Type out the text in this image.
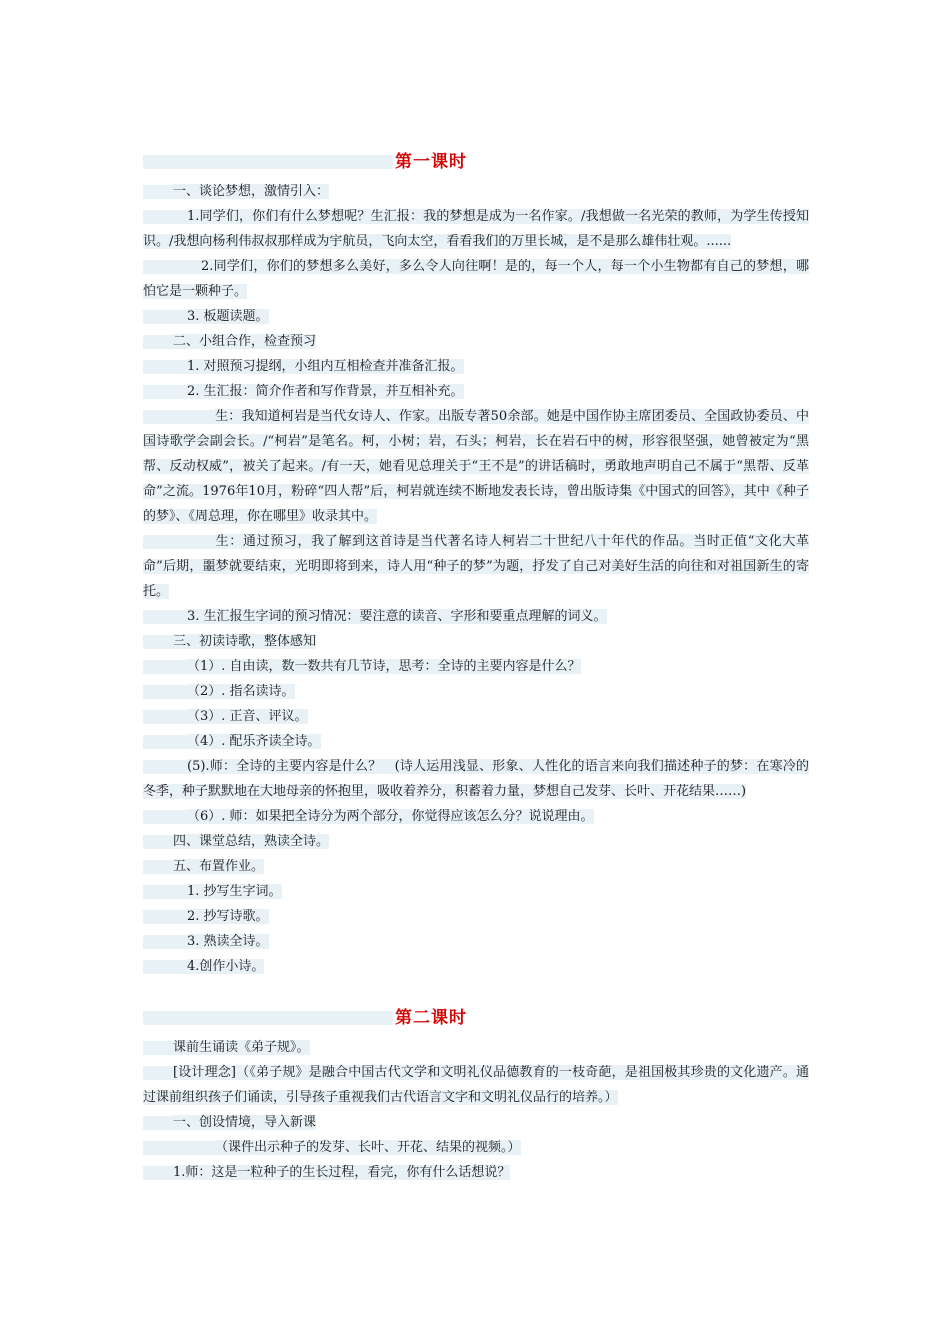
第一课时
一、谈论梦想，激情引入：
1.同学们，你们有什么梦想呢？生汇报：我的梦想是成为一名作家。/我想做一名光荣的教师，为学生传授知识。/我想向杨利伟叔叔那样成为宇航员，飞向太空，看看我们的万里长城，是不是那么雄伟壮观。......
2.同学们，你们的梦想多么美好，多么令人向往啊！是的，每一个人，每一个小生物都有自己的梦想，哪怕它是一颗种子。
3. 板题读题。
二、小组合作，检查预习
1. 对照预习提纲，小组内互相检查并准备汇报。
2. 生汇报：简介作者和写作背景，并互相补充。
生：我知道柯岩是当代女诗人、作家。出版专著50余部。她是中国作协主席团委员、全国政协委员、中国诗歌学会副会长。/“柯岩”是笔名。柯，小树；岩，石头；柯岩，长在岩石中的树，形容很坚强，她曾被定为“黑帮、反动权威”，被关了起来。/有一天，她看见总理关于“王不是”的讲话稿时，勇敢地声明自己不属于“黑帮、反革命”之流。1976年10月，粉碎“四人帮”后，柯岩就连续不断地发表长诗，曾出版诗集《中国式的回答》，其中《种子的梦》、《周总理，你在哪里》收录其中。
生：通过预习，我了解到这首诗是当代著名诗人柯岩二十世纪八十年代的作品。当时正值“文化大革命”后期，噩梦就要结束，光明即将到来，诗人用“种子的梦”为题，抒发了自己对美好生活的向往和对祖国新生的寄托。
3. 生汇报生字词的预习情况：要注意的读音、字形和要重点理解的词义。
三、初读诗歌，整体感知
（1）. 自由读，数一数共有几节诗，思考：全诗的主要内容是什么？
（2）. 指名读诗。
（3）. 正音、评议。
（4）. 配乐齐读全诗。
(5).师：全诗的主要内容是什么？　(诗人运用浅显、形象、人性化的语言来向我们描述种子的梦：在寒冷的冬季，种子默默地在大地母亲的怀抱里，吸收着养分，积蓄着力量，梦想自己发芽、长叶、开花结果……)
（6）. 师：如果把全诗分为两个部分，你觉得应该怎么分？说说理由。
四、课堂总结，熟读全诗。
五、布置作业。
1. 抄写生字词。
2. 抄写诗歌。
3. 熟读全诗。
4.创作小诗。
第二课时
课前生诵读《弟子规》。
[设计理念]（《弟子规》是融合中国古代文学和文明礼仪品德教育的一枝奇葩，是祖国极其珍贵的文化遗产。通过课前组织孩子们诵读，引导孩子重视我们古代语言文字和文明礼仪品行的培养。）
一、创设情境，导入新课
（课件出示种子的发芽、长叶、开花、结果的视频。）
1.师：这是一粒种子的生长过程，看完，你有什么话想说？
